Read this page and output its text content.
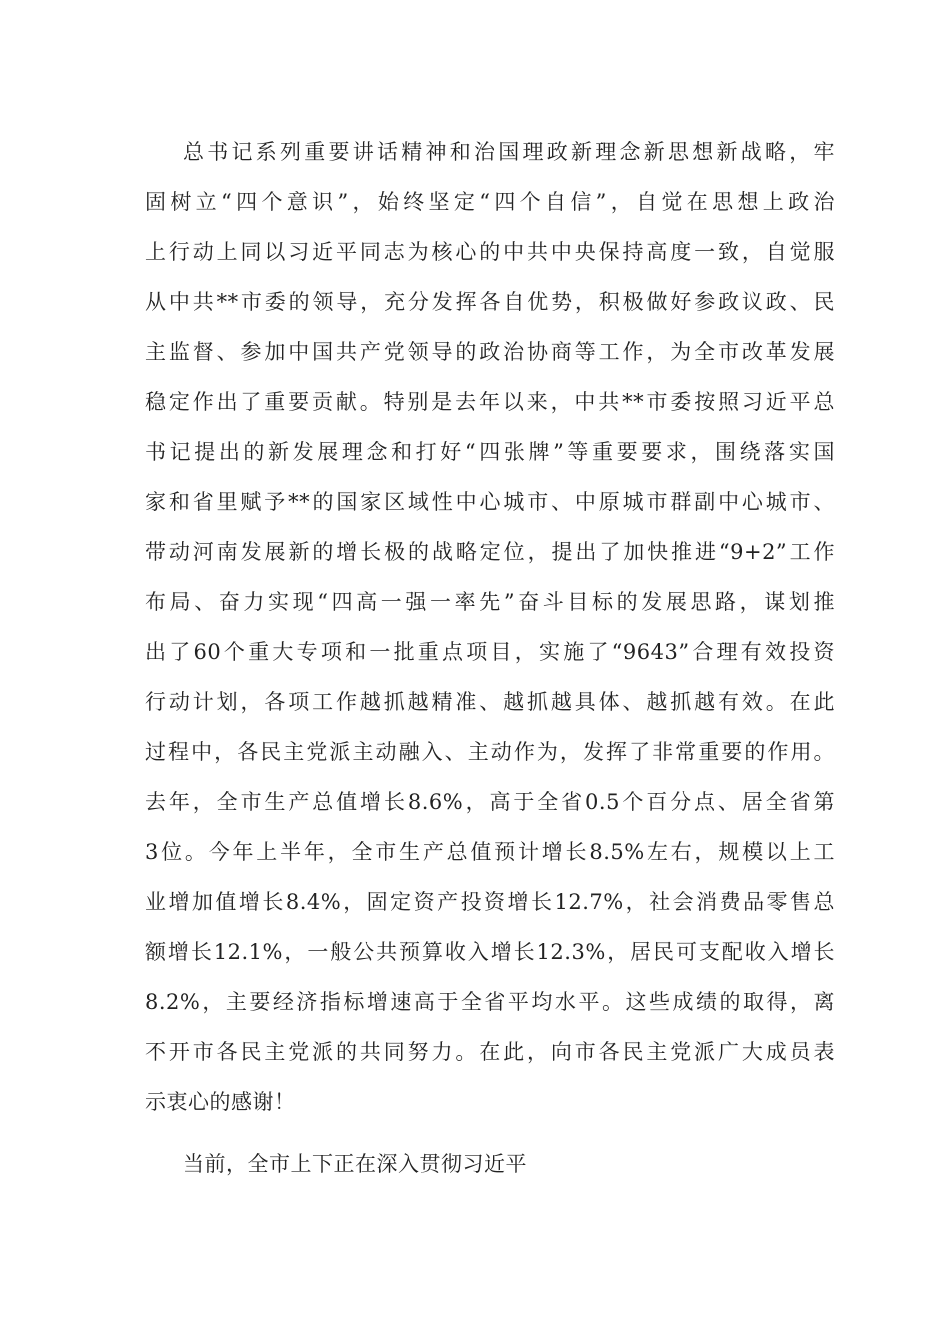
总书记系列重要讲话精神和治国理政新理念新思想新战略，牢
固树立“四个意识”，始终坚定“四个自信”，自觉在思想上政治
上行动上同以习近平同志为核心的中共中央保持高度一致，自觉服
从中共**市委的领导，充分发挥各自优势，积极做好参政议政、民
主监督、参加中国共产党领导的政治协商等工作，为全市改革发展
稳定作出了重要贡献。特别是去年以来，中共**市委按照习近平总
书记提出的新发展理念和打好“四张牌”等重要要求，围绕落实国
家和省里赋予**的国家区域性中心城市、中原城市群副中心城市、
带动河南发展新的增长极的战略定位，提出了加快推进“9+2”工作
布局、奋力实现“四高一强一率先”奋斗目标的发展思路，谋划推
出了60个重大专项和一批重点项目，实施了“9643”合理有效投资
行动计划，各项工作越抓越精准、越抓越具体、越抓越有效。在此
过程中，各民主党派主动融入、主动作为，发挥了非常重要的作用。
去年，全市生产总值增长8.6%，高于全省0.5个百分点、居全省第
3位。今年上半年，全市生产总值预计增长8.5%左右，规模以上工
业增加值增长8.4%，固定资产投资增长12.7%，社会消费品零售总
额增长12.1%，一般公共预算收入增长12.3%，居民可支配收入增长
8.2%，主要经济指标增速高于全省平均水平。这些成绩的取得，离
不开市各民主党派的共同努力。在此，向市各民主党派广大成员表
示衷心的感谢！
当前，全市上下正在深入贯彻习近平
